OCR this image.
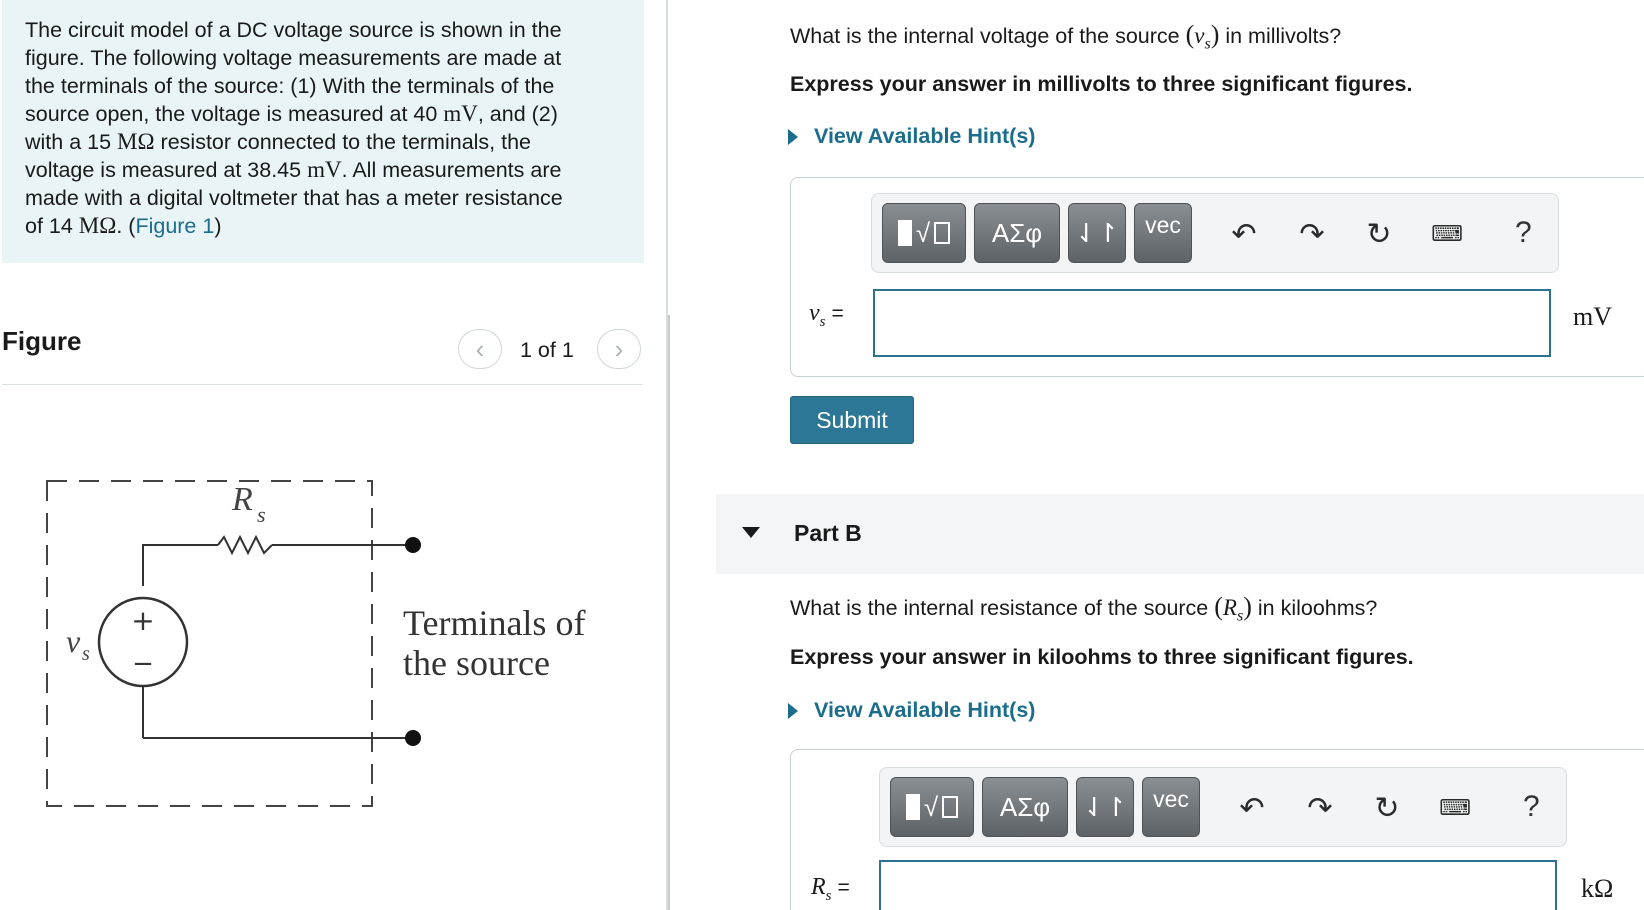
The circuit model of a DC voltage source is shown in the
figure. The following voltage measurements are made at
the terminals of the source: (1) With the terminals of the
source open, the voltage is measured at 40 mV, and (2)
with a 15 MΩ resistor connected to the terminals, the
voltage is measured at 38.45 mV. All measurements are
made with a digital voltmeter that has a meter resistance
of 14 MΩ. (Figure 1)
Figure	‹ 1 of 1 ›
+
−
R s
v s
Terminals of
the source
What is the internal voltage of the source $(v_s)$ in millivolts?
Express your answer in millivolts to three significant figures.
View Available Hint(s)
√ ΑΣφ ⇃↾ vec ↶ ↷ ↻	⌨ ?
$v_s$ =	mV
Submit
Part B
What is the internal resistance of the source $(R_s)$ in kiloohms?
Express your answer in kiloohms to three significant figures.
View Available Hint(s)
√ ΑΣφ ⇃↾ vec ↶ ↷ ↻	⌨ ?
$R_s$ =	kΩ
